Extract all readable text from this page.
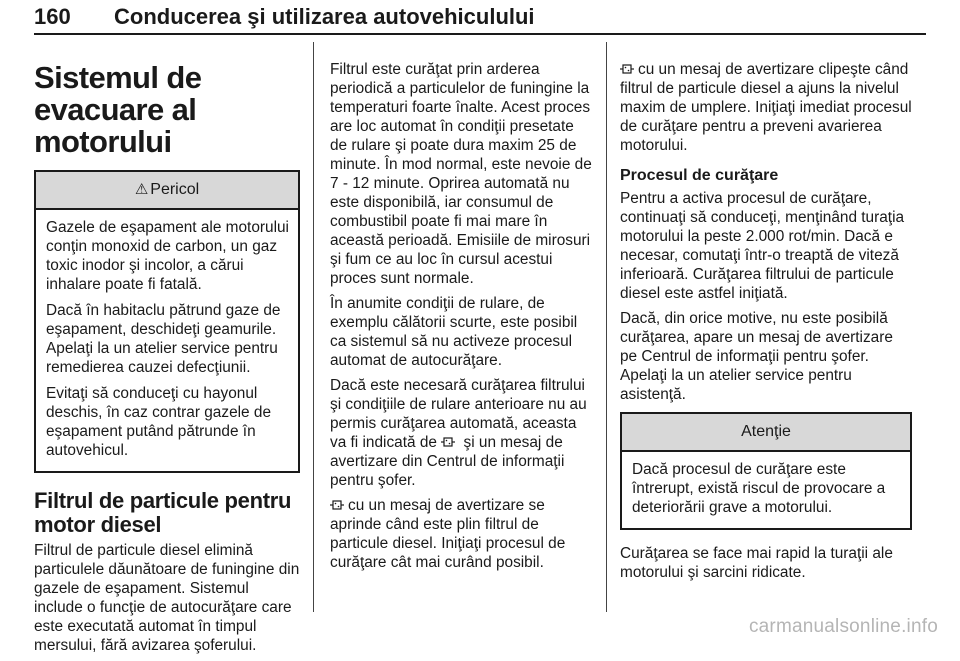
160 Conducerea şi utilizarea autovehiculului
Sistemul de evacuare al motorului
⚠ Pericol

Gazele de eşapament ale motorului conţin monoxid de carbon, un gaz toxic inodor şi incolor, a cărui inhalare poate fi fatală.

Dacă în habitaclu pătrund gaze de eşapament, deschideţi geamurile. Apelaţi la un atelier service pentru remedierea cauzei defecţiunii.

Evitaţi să conduceţi cu hayonul deschis, în caz contrar gazele de eşapament putând pătrunde în autovehicul.

Filtrul de particule pentru motor diesel

Filtrul de particule diesel elimină particulele dăunătoare de funingine din gazele de eşapament. Sistemul include o funcţie de autocurăţare care este executată automat în timpul mersului, fără avizarea şoferului.

Filtrul este curăţat prin arderea periodică a particulelor de funingine la temperaturi foarte înalte. Acest proces are loc automat în condiţii presetate de rulare şi poate dura maxim 25 de minute. În mod normal, este nevoie de 7 - 12 minute. Oprirea automată nu este disponibilă, iar consumul de combustibil poate fi mai mare în această perioadă. Emisiile de mirosuri şi fum ce au loc în cursul acestui proces sunt normale.

În anumite condiţii de rulare, de exemplu călătorii scurte, este posibil ca sistemul să nu activeze procesul automat de autocurăţare.

Dacă este necesară curăţarea filtrului şi condiţiile de rulare anterioare nu au permis curăţarea automată, aceasta va fi indicată de şi un mesaj de avertizare din Centrul de informaţii pentru şofer.

cu un mesaj de avertizare se aprinde când este plin filtrul de particule diesel. Iniţiaţi procesul de curăţare cât mai curând posibil.

cu un mesaj de avertizare clipeşte când filtrul de particule diesel a ajuns la nivelul maxim de umplere. Iniţiaţi imediat procesul de curăţare pentru a preveni avarierea motorului.

Procesul de curăţare

Pentru a activa procesul de curăţare, continuaţi să conduceţi, menţinând turaţia motorului la peste 2.000 rot/min. Dacă e necesar, comutaţi într-o treaptă de viteză inferioară. Curăţarea filtrului de particule diesel este astfel iniţiată.

Dacă, din orice motive, nu este posibilă curăţarea, apare un mesaj de avertizare pe Centrul de informaţii pentru şofer. Apelaţi la un atelier service pentru asistenţă.

Atenţie

Dacă procesul de curăţare este întrerupt, există riscul de provocare a deteriorării grave a motorului.

Curăţarea se face mai rapid la turaţii ale motorului şi sarcini ridicate.

carmanualsonline.info
